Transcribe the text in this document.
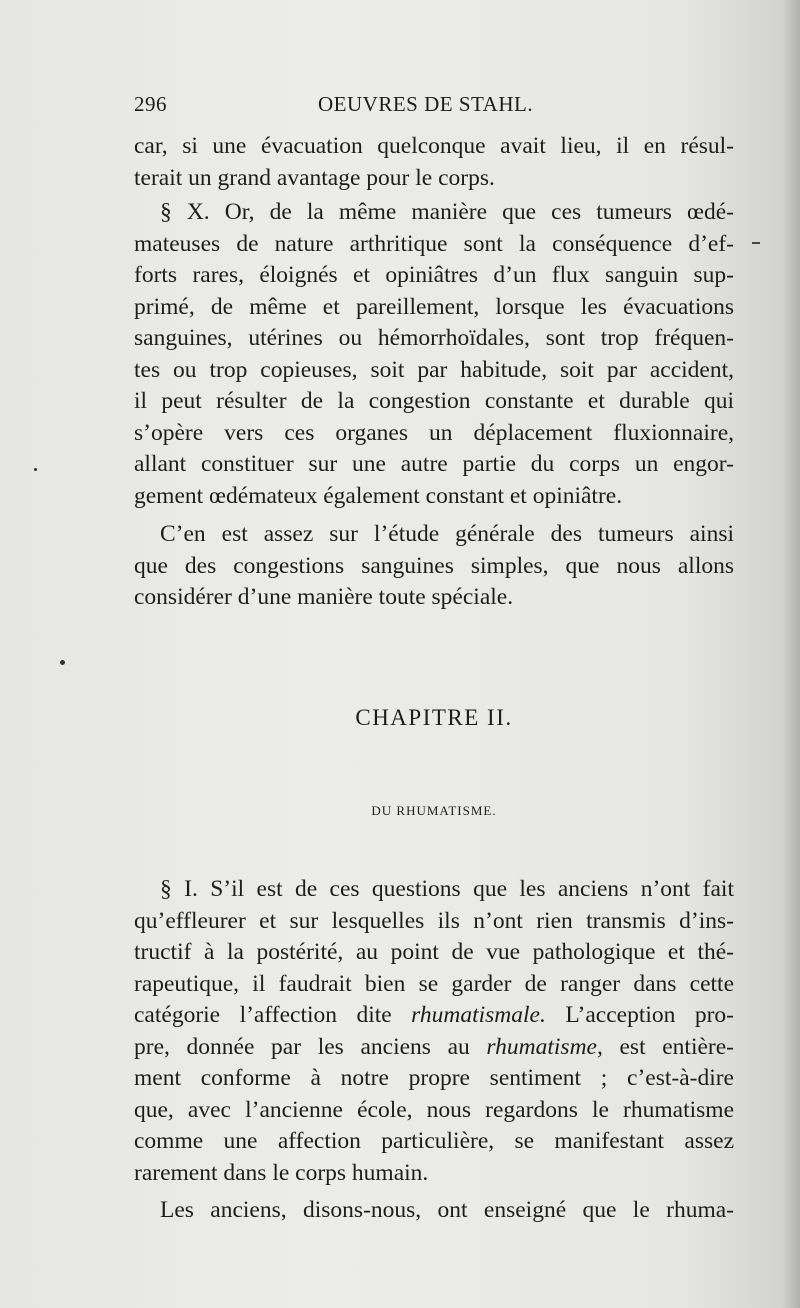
296	OEUVRES DE STAHL.
car, si une évacuation quelconque avait lieu, il en résul-
terait un grand avantage pour le corps.
§ X. Or, de la même manière que ces tumeurs œdé-
mateuses de nature arthritique sont la conséquence d’ef-
forts rares, éloignés et opiniâtres d’un flux sanguin sup-
primé, de même et pareillement, lorsque les évacuations
sanguines, utérines ou hémorrhoïdales, sont trop fréquen-
tes ou trop copieuses, soit par habitude, soit par accident,
il peut résulter de la congestion constante et durable qui
s’opère vers ces organes un déplacement fluxionnaire,
allant constituer sur une autre partie du corps un engor-
gement œdémateux également constant et opiniâtre.
C’en est assez sur l’étude générale des tumeurs ainsi
que des congestions sanguines simples, que nous allons
considérer d’une manière toute spéciale.
CHAPITRE II.
DU RHUMATISME.
§ I. S’il est de ces questions que les anciens n’ont fait
qu’effleurer et sur lesquelles ils n’ont rien transmis d’ins-
tructif à la postérité, au point de vue pathologique et thé-
rapeutique, il faudrait bien se garder de ranger dans cette
catégorie l’affection dite rhumatismale. L’acception pro-
pre, donnée par les anciens au rhumatisme, est entière-
ment conforme à notre propre sentiment ; c’est-à-dire
que, avec l’ancienne école, nous regardons le rhumatisme
comme une affection particulière, se manifestant assez
rarement dans le corps humain.
Les anciens, disons-nous, ont enseigné que le rhuma-
